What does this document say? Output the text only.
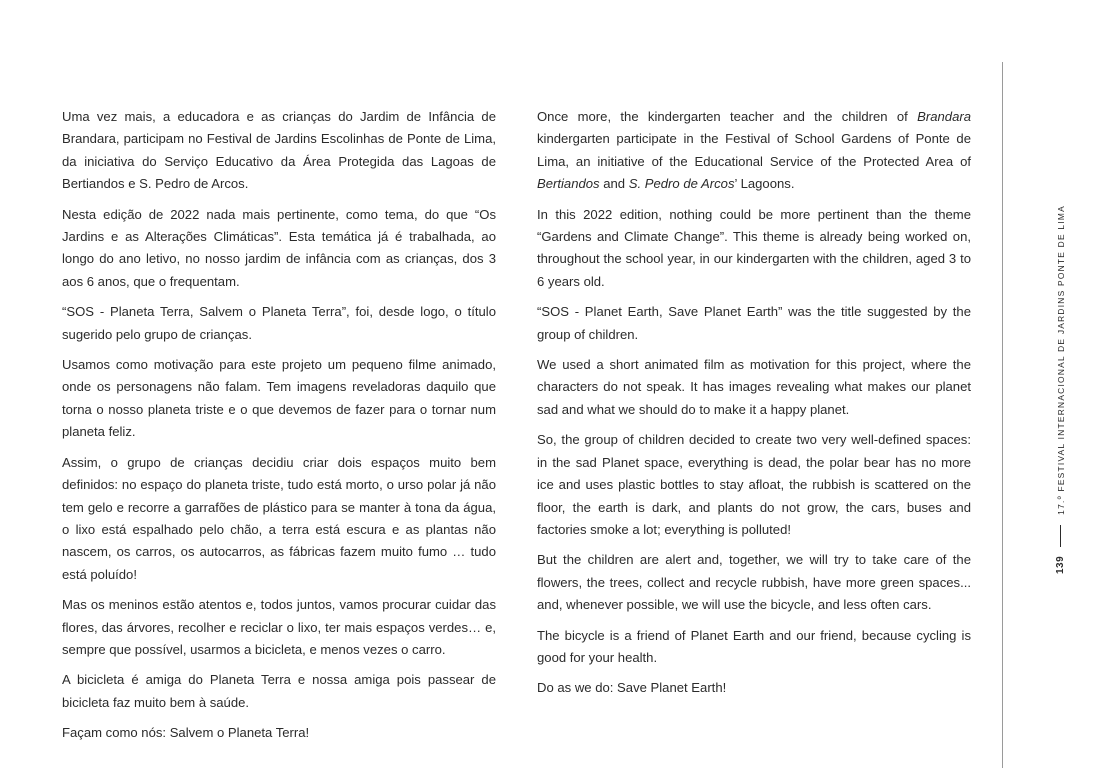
Uma vez mais, a educadora e as crianças do Jardim de Infância de Brandara, participam no Festival de Jardins Escolinhas de Ponte de Lima, da iniciativa do Serviço Educativo da Área Protegida das Lagoas de Bertiandos e S. Pedro de Arcos.

Nesta edição de 2022 nada mais pertinente, como tema, do que “Os Jardins e as Alterações Climáticas”. Esta temática já é trabalhada, ao longo do ano letivo, no nosso jardim de infância com as crianças, dos 3 aos 6 anos, que o frequentam.

“SOS - Planeta Terra, Salvem o Planeta Terra”, foi, desde logo, o título sugerido pelo grupo de crianças.

Usamos como motivação para este projeto um pequeno filme animado, onde os personagens não falam. Tem imagens reveladoras daquilo que torna o nosso planeta triste e o que devemos de fazer para o tornar num planeta feliz.

Assim, o grupo de crianças decidiu criar dois espaços muito bem definidos: no espaço do planeta triste, tudo está morto, o urso polar já não tem gelo e recorre a garrafões de plástico para se manter à tona da água, o lixo está espalhado pelo chão, a terra está escura e as plantas não nascem, os carros, os autocarros, as fábricas fazem muito fumo … tudo está poluído!

Mas os meninos estão atentos e, todos juntos, vamos procurar cuidar das flores, das árvores, recolher e reciclar o lixo, ter mais espaços verdes… e, sempre que possível, usarmos a bicicleta, e menos vezes o carro.

A bicicleta é amiga do Planeta Terra e nossa amiga pois passear de bicicleta faz muito bem à saúde.

Façam como nós: Salvem o Planeta Terra!

Once more, the kindergarten teacher and the children of Brandara kindergarten participate in the Festival of School Gardens of Ponte de Lima, an initiative of the Educational Service of the Protected Area of Bertiandos and S. Pedro de Arcos’ Lagoons.

In this 2022 edition, nothing could be more pertinent than the theme “Gardens and Climate Change”. This theme is already being worked on, throughout the school year, in our kindergarten with the children, aged 3 to 6 years old.

“SOS - Planet Earth, Save Planet Earth” was the title suggested by the group of children.

We used a short animated film as motivation for this project, where the characters do not speak. It has images revealing what makes our planet sad and what we should do to make it a happy planet.

So, the group of children decided to create two very well-defined spaces: in the sad Planet space, everything is dead, the polar bear has no more ice and uses plastic bottles to stay afloat, the rubbish is scattered on the floor, the earth is dark, and plants do not grow, the cars, buses and factories smoke a lot; everything is polluted!

But the children are alert and, together, we will try to take care of the flowers, the trees, collect and recycle rubbish, have more green spaces... and, whenever possible, we will use the bicycle, and less often cars.

The bicycle is a friend of Planet Earth and our friend, because cycling is good for your health.

Do as we do: Save Planet Earth!

139
17.º FESTIVAL INTERNACIONAL DE JARDINS PONTE DE LIMA
